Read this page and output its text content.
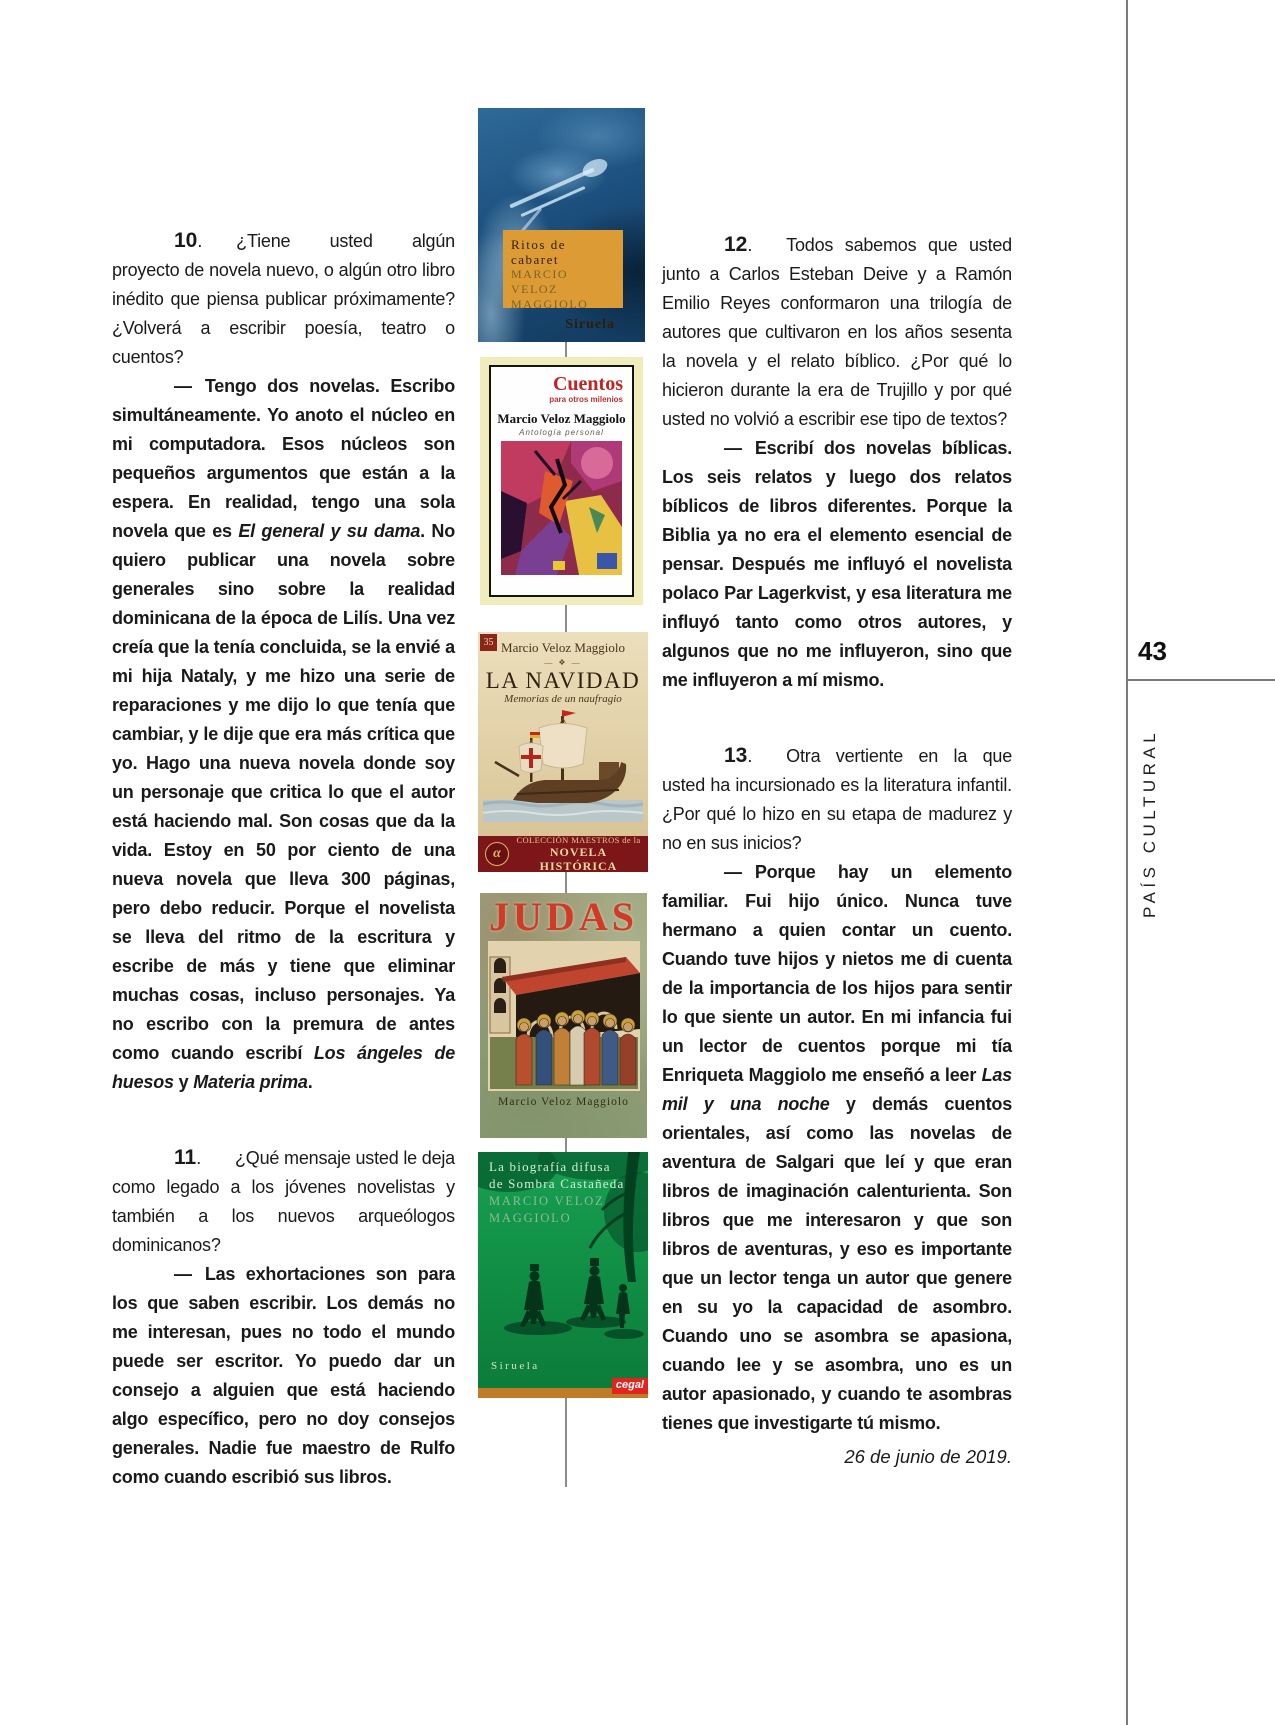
43
PAÍS CULTURAL

10. ¿Tiene usted algún proyecto de novela nuevo, o algún otro libro inédito que piensa publicar próximamente? ¿Volverá a escribir poesía, teatro o cuentos?

— Tengo dos novelas. Escribo simultáneamente. Yo anoto el núcleo en mi computadora. Esos núcleos son pequeños argumentos que están a la espera. En realidad, tengo una sola novela que es El general y su dama. No quiero publicar una novela sobre generales sino sobre la realidad dominicana de la época de Lilís. Una vez creía que la tenía concluida, se la envié a mi hija Nataly, y me hizo una serie de reparaciones y me dijo lo que tenía que cambiar, y le dije que era más crítica que yo. Hago una nueva novela donde soy un personaje que critica lo que el autor está haciendo mal. Son cosas que da la vida. Estoy en 50 por ciento de una nueva novela que lleva 300 páginas, pero debo reducir. Porque el novelista se lleva del ritmo de la escritura y escribe de más y tiene que eliminar muchas cosas, incluso personajes. Ya no escribo con la premura de antes como cuando escribí Los ángeles de huesos y Materia prima.

11. ¿Qué mensaje usted le deja como legado a los jóvenes novelistas y también a los nuevos arqueólogos dominicanos?

— Las exhortaciones son para los que saben escribir. Los demás no me interesan, pues no todo el mundo puede ser escritor. Yo puedo dar un consejo a alguien que está haciendo algo específico, pero no doy consejos generales. Nadie fue maestro de Rulfo como cuando escribió sus libros.

12. Todos sabemos que usted junto a Carlos Esteban Deive y a Ramón Emilio Reyes conformaron una trilogía de autores que cultivaron en los años sesenta la novela y el relato bíblico. ¿Por qué lo hicieron durante la era de Trujillo y por qué usted no volvió a escribir ese tipo de textos?

— Escribí dos novelas bíblicas. Los seis relatos y luego dos relatos bíblicos de libros diferentes. Porque la Biblia ya no era el elemento esencial de pensar. Después me influyó el novelista polaco Par Lagerkvist, y esa literatura me influyó tanto como otros autores, y algunos que no me influyeron, sino que me influyeron a mí mismo.

13. Otra vertiente en la que usted ha incursionado es la literatura infantil. ¿Por qué lo hizo en su etapa de madurez y no en sus inicios?

— Porque hay un elemento familiar. Fui hijo único. Nunca tuve hermano a quien contar un cuento. Cuando tuve hijos y nietos me di cuenta de la importancia de los hijos para sentir lo que siente un autor. En mi infancia fui un lector de cuentos porque mi tía Enriqueta Maggiolo me enseñó a leer Las mil y una noche y demás cuentos orientales, así como las novelas de aventura de Salgari que leí y que eran libros de imaginación calenturienta. Son libros que me interesaron y que son libros de aventuras, y eso es importante que un lector tenga un autor que genere en su yo la capacidad de asombro. Cuando uno se asombra se apasiona, cuando lee y se asombra, uno es un autor apasionado, y cuando te asombras tienes que investigarte tú mismo.

26 de junio de 2019.

Ritos de cabaret
MARCIO VELOZ
MAGGIOLO
Siruela
Cuentos
para otros milenios
Marcio Veloz Maggiolo
Antología personal
35 Marcio Veloz Maggiolo
— ❖ —
LA NAVIDAD
Memorias de un naufragio
α
COLECCIÓN MAESTROS de la
NOVELA HISTÓRICA
JUDAS
Marcio Veloz Maggiolo
La biografía difusa
de Sombra Castañeda
MARCIO VELOZ
MAGGIOLO
Siruela
cegal
